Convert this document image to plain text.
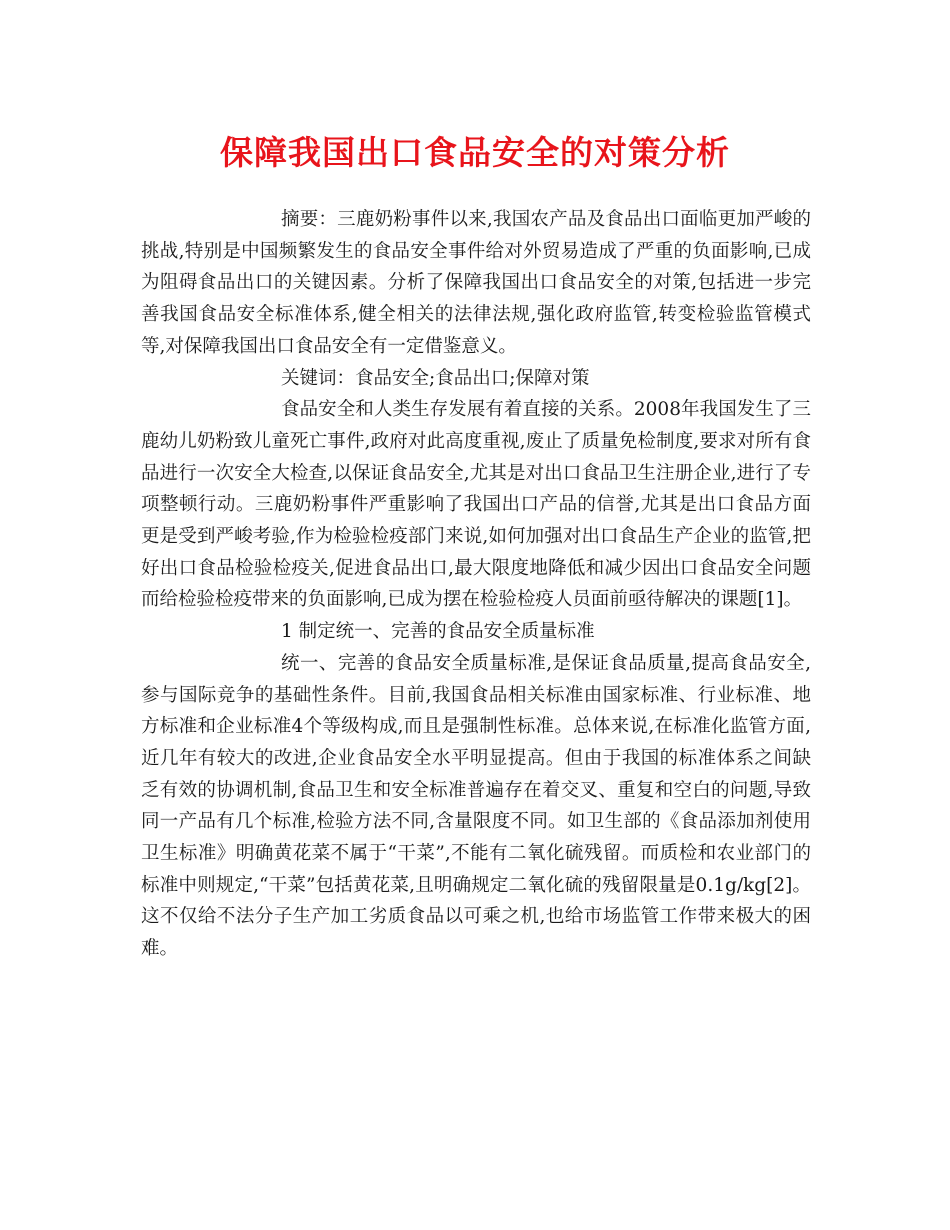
保障我国出口食品安全的对策分析

摘要：三鹿奶粉事件以来,我国农产品及食品出口面临更加严峻的挑战,特别是中国频繁发生的食品安全事件给对外贸易造成了严重的负面影响,已成为阻碍食品出口的关键因素。分析了保障我国出口食品安全的对策,包括进一步完善我国食品安全标准体系,健全相关的法律法规,强化政府监管,转变检验监管模式等,对保障我国出口食品安全有一定借鉴意义。

关键词：食品安全;食品出口;保障对策

食品安全和人类生存发展有着直接的关系。2008年我国发生了三鹿幼儿奶粉致儿童死亡事件,政府对此高度重视,废止了质量免检制度,要求对所有食品进行一次安全大检查,以保证食品安全,尤其是对出口食品卫生注册企业,进行了专项整顿行动。三鹿奶粉事件严重影响了我国出口产品的信誉,尤其是出口食品方面更是受到严峻考验,作为检验检疫部门来说,如何加强对出口食品生产企业的监管,把好出口食品检验检疫关,促进食品出口,最大限度地降低和减少因出口食品安全问题而给检验检疫带来的负面影响,已成为摆在检验检疫人员面前亟待解决的课题[1]。

1 制定统一、完善的食品安全质量标准

统一、完善的食品安全质量标准,是保证食品质量,提高食品安全,参与国际竞争的基础性条件。目前,我国食品相关标准由国家标准、行业标准、地方标准和企业标准4个等级构成,而且是强制性标准。总体来说,在标准化监管方面,近几年有较大的改进,企业食品安全水平明显提高。但由于我国的标准体系之间缺乏有效的协调机制,食品卫生和安全标准普遍存在着交叉、重复和空白的问题,导致同一产品有几个标准,检验方法不同,含量限度不同。如卫生部的《食品添加剂使用卫生标准》明确黄花菜不属于“干菜”,不能有二氧化硫残留。而质检和农业部门的标准中则规定,“干菜”包括黄花菜,且明确规定二氧化硫的残留限量是0.1g/kg[2]。这不仅给不法分子生产加工劣质食品以可乘之机,也给市场监管工作带来极大的困难。
